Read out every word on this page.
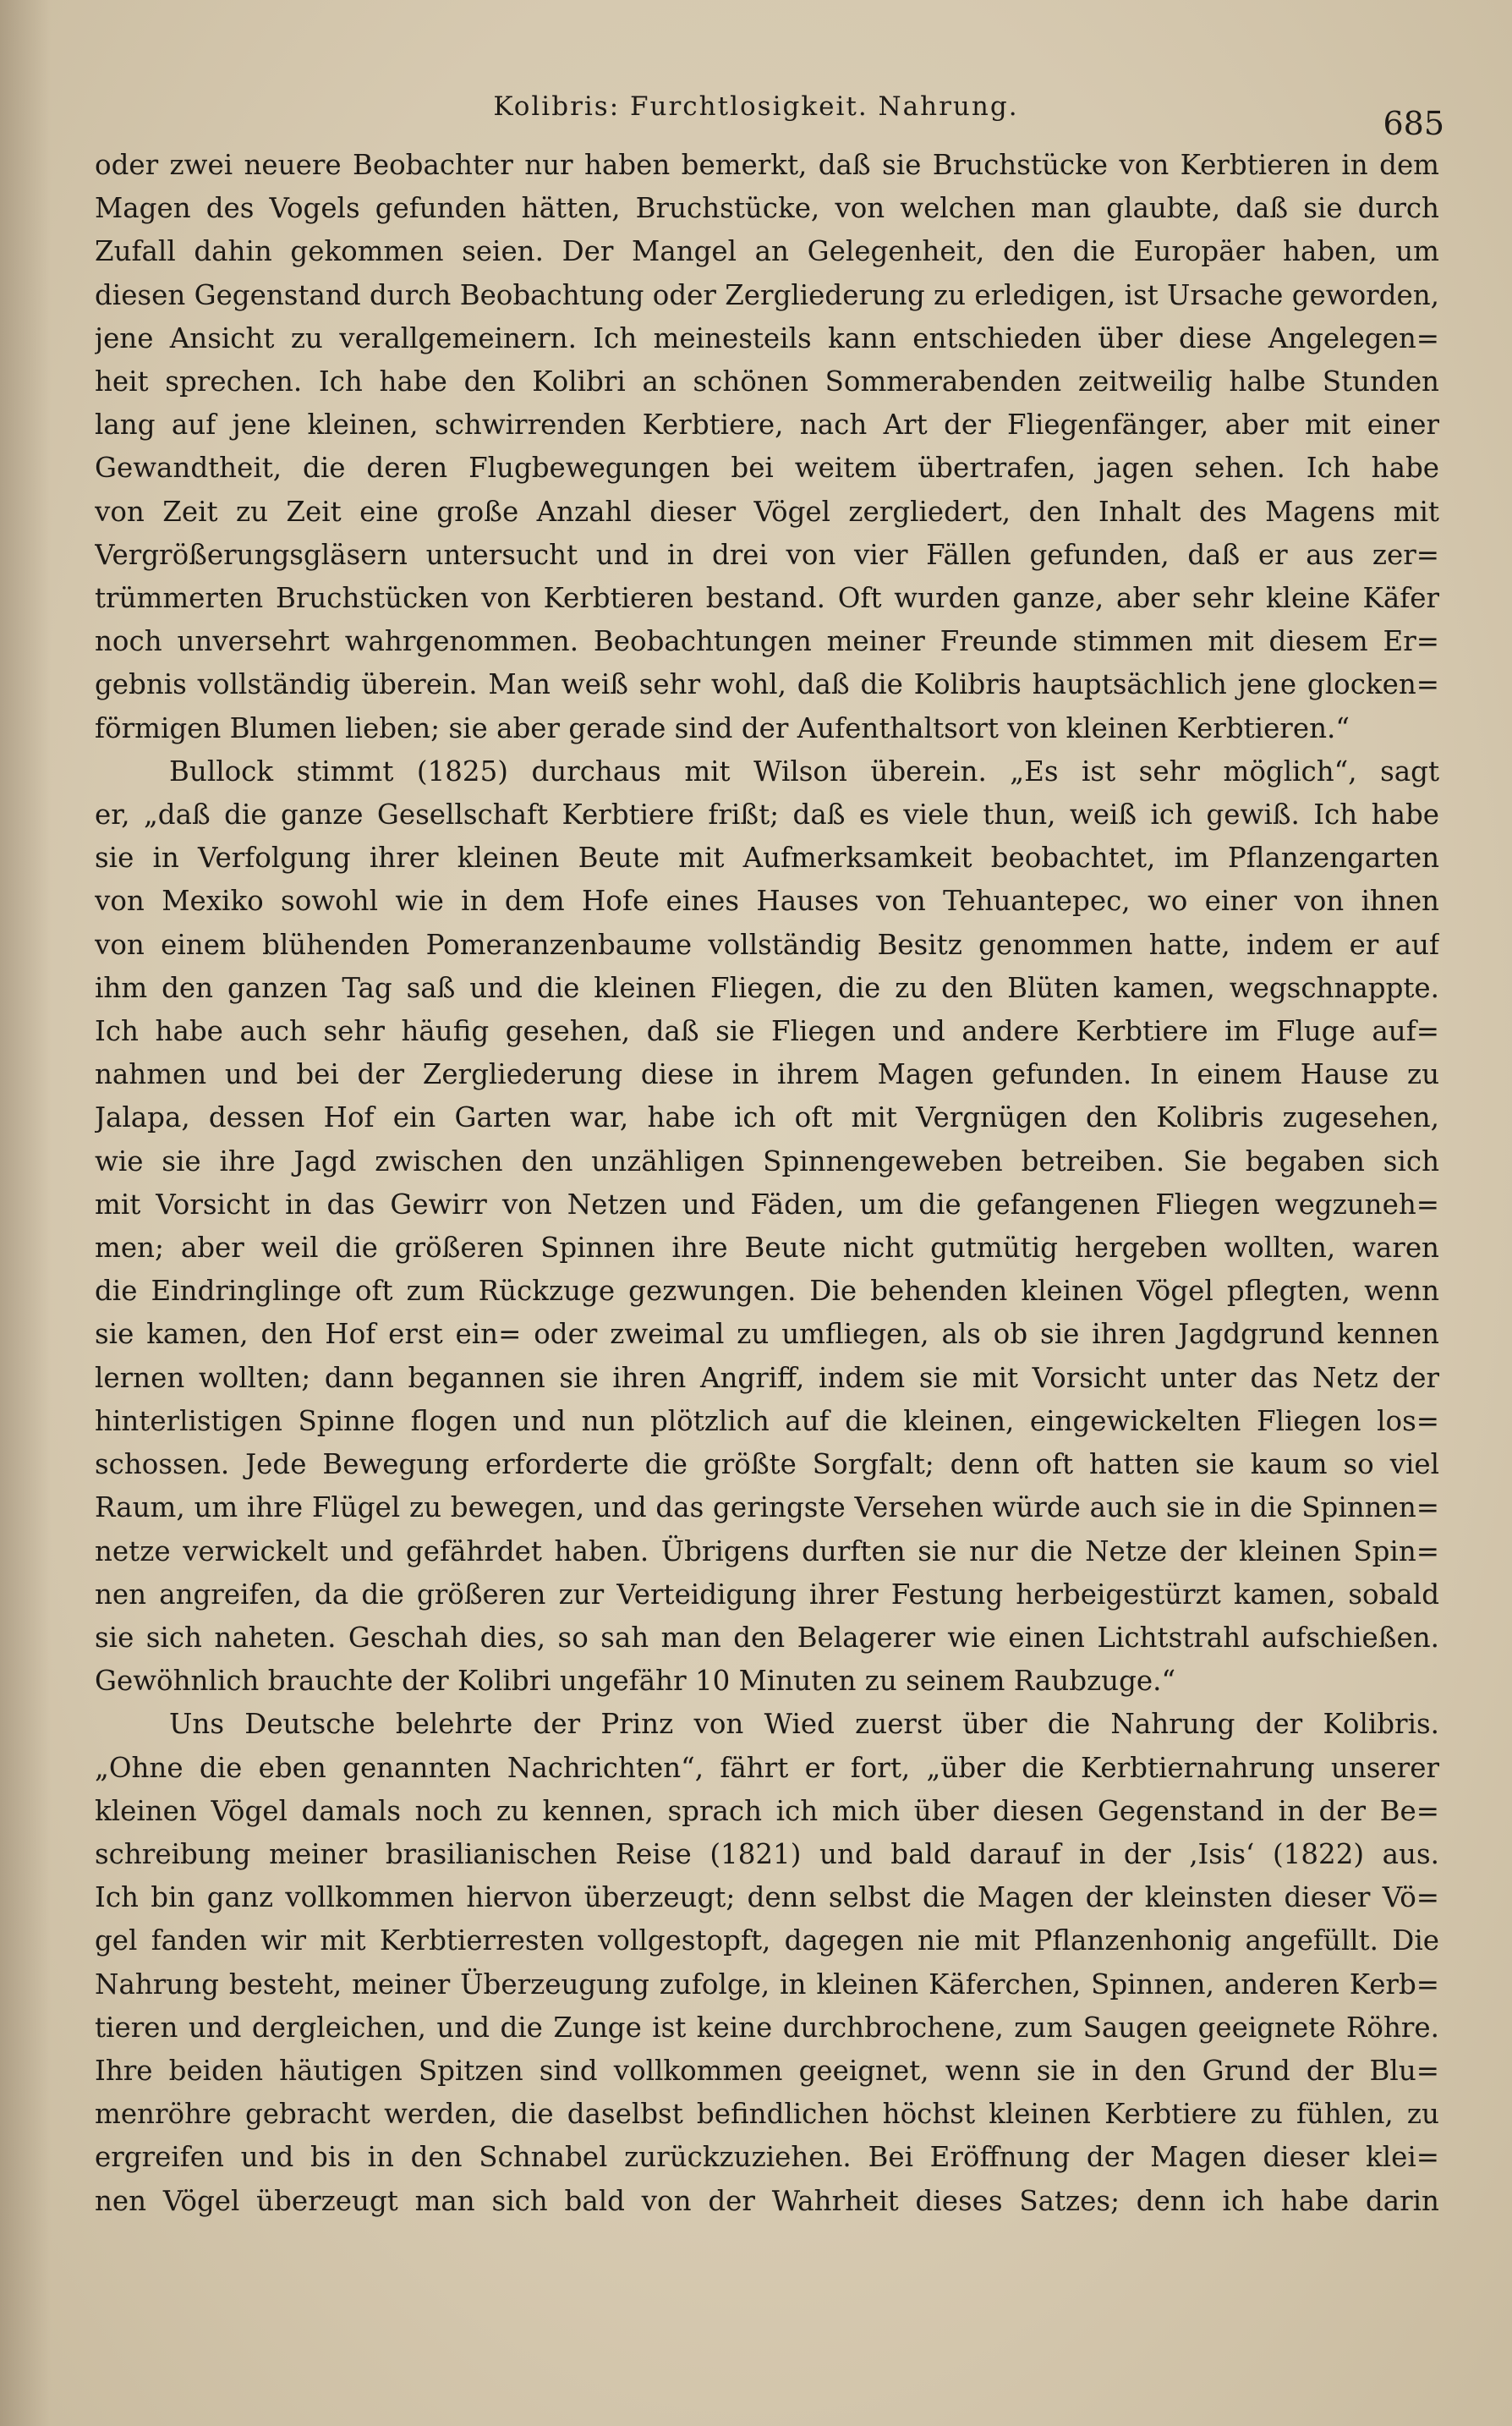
Kolibris: Furchtlosigkeit. Nahrung.	685
oder zwei neuere Beobachter nur haben bemerkt, daß sie Bruchstücke von Kerbtieren in dem
Magen des Vogels gefunden hätten, Bruchstücke, von welchen man glaubte, daß sie durch
Zufall dahin gekommen seien. Der Mangel an Gelegenheit, den die Europäer haben, um
diesen Gegenstand durch Beobachtung oder Zergliederung zu erledigen, ist Ursache geworden,
jene Ansicht zu verallgemeinern. Ich meinesteils kann entschieden über diese Angelegen=
heit sprechen. Ich habe den Kolibri an schönen Sommerabenden zeitweilig halbe Stunden
lang auf jene kleinen, schwirrenden Kerbtiere, nach Art der Fliegenfänger, aber mit einer
Gewandtheit, die deren Flugbewegungen bei weitem übertrafen, jagen sehen. Ich habe
von Zeit zu Zeit eine große Anzahl dieser Vögel zergliedert, den Inhalt des Magens mit
Vergrößerungsgläsern untersucht und in drei von vier Fällen gefunden, daß er aus zer=
trümmerten Bruchstücken von Kerbtieren bestand. Oft wurden ganze, aber sehr kleine Käfer
noch unversehrt wahrgenommen. Beobachtungen meiner Freunde stimmen mit diesem Er=
gebnis vollständig überein. Man weiß sehr wohl, daß die Kolibris hauptsächlich jene glocken=
förmigen Blumen lieben; sie aber gerade sind der Aufenthaltsort von kleinen Kerbtieren.“
Bullock stimmt (1825) durchaus mit Wilson überein. „Es ist sehr möglich“, sagt
er, „daß die ganze Gesellschaft Kerbtiere frißt; daß es viele thun, weiß ich gewiß. Ich habe
sie in Verfolgung ihrer kleinen Beute mit Aufmerksamkeit beobachtet, im Pflanzengarten
von Mexiko sowohl wie in dem Hofe eines Hauses von Tehuantepec, wo einer von ihnen
von einem blühenden Pomeranzenbaume vollständig Besitz genommen hatte, indem er auf
ihm den ganzen Tag saß und die kleinen Fliegen, die zu den Blüten kamen, wegschnappte.
Ich habe auch sehr häufig gesehen, daß sie Fliegen und andere Kerbtiere im Fluge auf=
nahmen und bei der Zergliederung diese in ihrem Magen gefunden. In einem Hause zu
Jalapa, dessen Hof ein Garten war, habe ich oft mit Vergnügen den Kolibris zugesehen,
wie sie ihre Jagd zwischen den unzähligen Spinnengeweben betreiben. Sie begaben sich
mit Vorsicht in das Gewirr von Netzen und Fäden, um die gefangenen Fliegen wegzuneh=
men; aber weil die größeren Spinnen ihre Beute nicht gutmütig hergeben wollten, waren
die Eindringlinge oft zum Rückzuge gezwungen. Die behenden kleinen Vögel pflegten, wenn
sie kamen, den Hof erst ein= oder zweimal zu umfliegen, als ob sie ihren Jagdgrund kennen
lernen wollten; dann begannen sie ihren Angriff, indem sie mit Vorsicht unter das Netz der
hinterlistigen Spinne flogen und nun plötzlich auf die kleinen, eingewickelten Fliegen los=
schossen. Jede Bewegung erforderte die größte Sorgfalt; denn oft hatten sie kaum so viel
Raum, um ihre Flügel zu bewegen, und das geringste Versehen würde auch sie in die Spinnen=
netze verwickelt und gefährdet haben. Übrigens durften sie nur die Netze der kleinen Spin=
nen angreifen, da die größeren zur Verteidigung ihrer Festung herbeigestürzt kamen, sobald
sie sich naheten. Geschah dies, so sah man den Belagerer wie einen Lichtstrahl aufschießen.
Gewöhnlich brauchte der Kolibri ungefähr 10 Minuten zu seinem Raubzuge.“
Uns Deutsche belehrte der Prinz von Wied zuerst über die Nahrung der Kolibris.
„Ohne die eben genannten Nachrichten“, fährt er fort, „über die Kerbtiernahrung unserer
kleinen Vögel damals noch zu kennen, sprach ich mich über diesen Gegenstand in der Be=
schreibung meiner brasilianischen Reise (1821) und bald darauf in der ‚Isis‘ (1822) aus.
Ich bin ganz vollkommen hiervon überzeugt; denn selbst die Magen der kleinsten dieser Vö=
gel fanden wir mit Kerbtierresten vollgestopft, dagegen nie mit Pflanzenhonig angefüllt. Die
Nahrung besteht, meiner Überzeugung zufolge, in kleinen Käferchen, Spinnen, anderen Kerb=
tieren und dergleichen, und die Zunge ist keine durchbrochene, zum Saugen geeignete Röhre.
Ihre beiden häutigen Spitzen sind vollkommen geeignet, wenn sie in den Grund der Blu=
menröhre gebracht werden, die daselbst befindlichen höchst kleinen Kerbtiere zu fühlen, zu
ergreifen und bis in den Schnabel zurückzuziehen. Bei Eröffnung der Magen dieser klei=
nen Vögel überzeugt man sich bald von der Wahrheit dieses Satzes; denn ich habe darin
